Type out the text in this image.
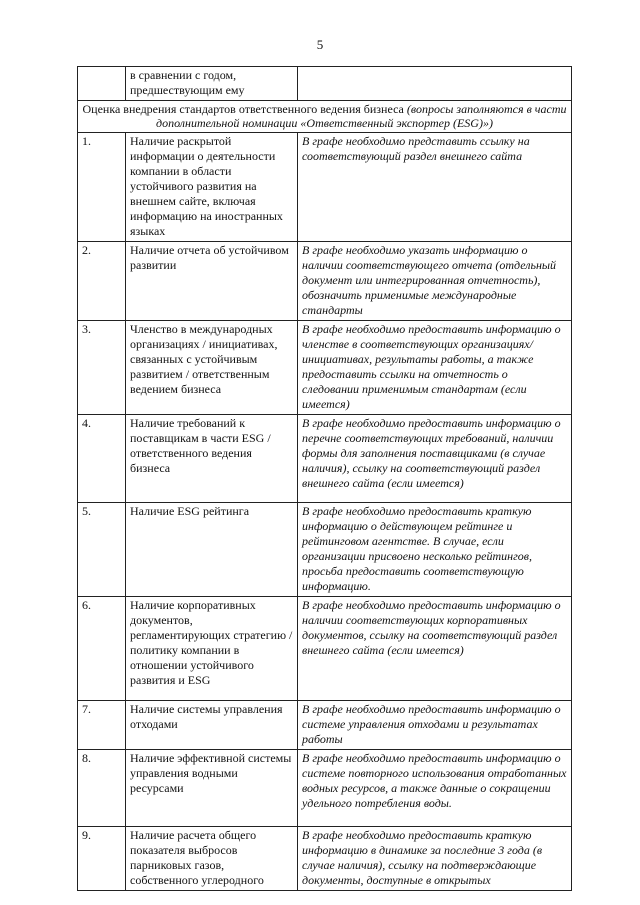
5
	в сравнении с годом, предшествующим ему	
Оценка внедрения стандартов ответственного ведения бизнеса (вопросы заполняются в части дополнительной номинации «Ответственный экспортер (ESG)»)		
1.	Наличие раскрытой информации о деятельности компании в области устойчивого развития на внешнем сайте, включая информацию на иностранных языках	В графе необходимо представить ссылку на соответствующий раздел внешнего сайта
2.	Наличие отчета об устойчивом развитии	В графе необходимо указать информацию о наличии соответствующего отчета (отдельный документ или интегрированная отчетность), обозначить применимые международные стандарты
3.	Членство в международных организациях / инициативах, связанных с устойчивым развитием / ответственным ведением бизнеса	В графе необходимо предоставить информацию о членстве в соответствующих организациях/инициативах, результаты работы, а также предоставить ссылки на отчетность о следовании применимым стандартам (если имеется)
4.	Наличие требований к поставщикам в части ESG / ответственного ведения бизнеса	В графе необходимо предоставить информацию о перечне соответствующих требований, наличии формы для заполнения поставщиками (в случае наличия), ссылку на соответствующий раздел внешнего сайта (если имеется)
5.	Наличие ESG рейтинга	В графе необходимо предоставить краткую информацию о действующем рейтинге и рейтинговом агентстве. В случае, если организации присвоено несколько рейтингов, просьба предоставить соответствующую информацию.
6.	Наличие корпоративных документов, регламентирующих стратегию / политику компании в отношении устойчивого развития и ESG	В графе необходимо предоставить информацию о наличии соответствующих корпоративных документов, ссылку на соответствующий раздел внешнего сайта (если имеется)
7.	Наличие системы управления отходами	В графе необходимо предоставить информацию о системе управления отходами и результатах работы
8.	Наличие эффективной системы управления водными ресурсами	В графе необходимо предоставить информацию о системе повторного использования отработанных водных ресурсов, а также данные о сокращении удельного потребления воды.
9.	Наличие расчета общего показателя выбросов парниковых газов, собственного углеродного	В графе необходимо предоставить краткую информацию в динамике за последние 3 года (в случае наличия), ссылку на подтверждающие документы, доступные в открытых
